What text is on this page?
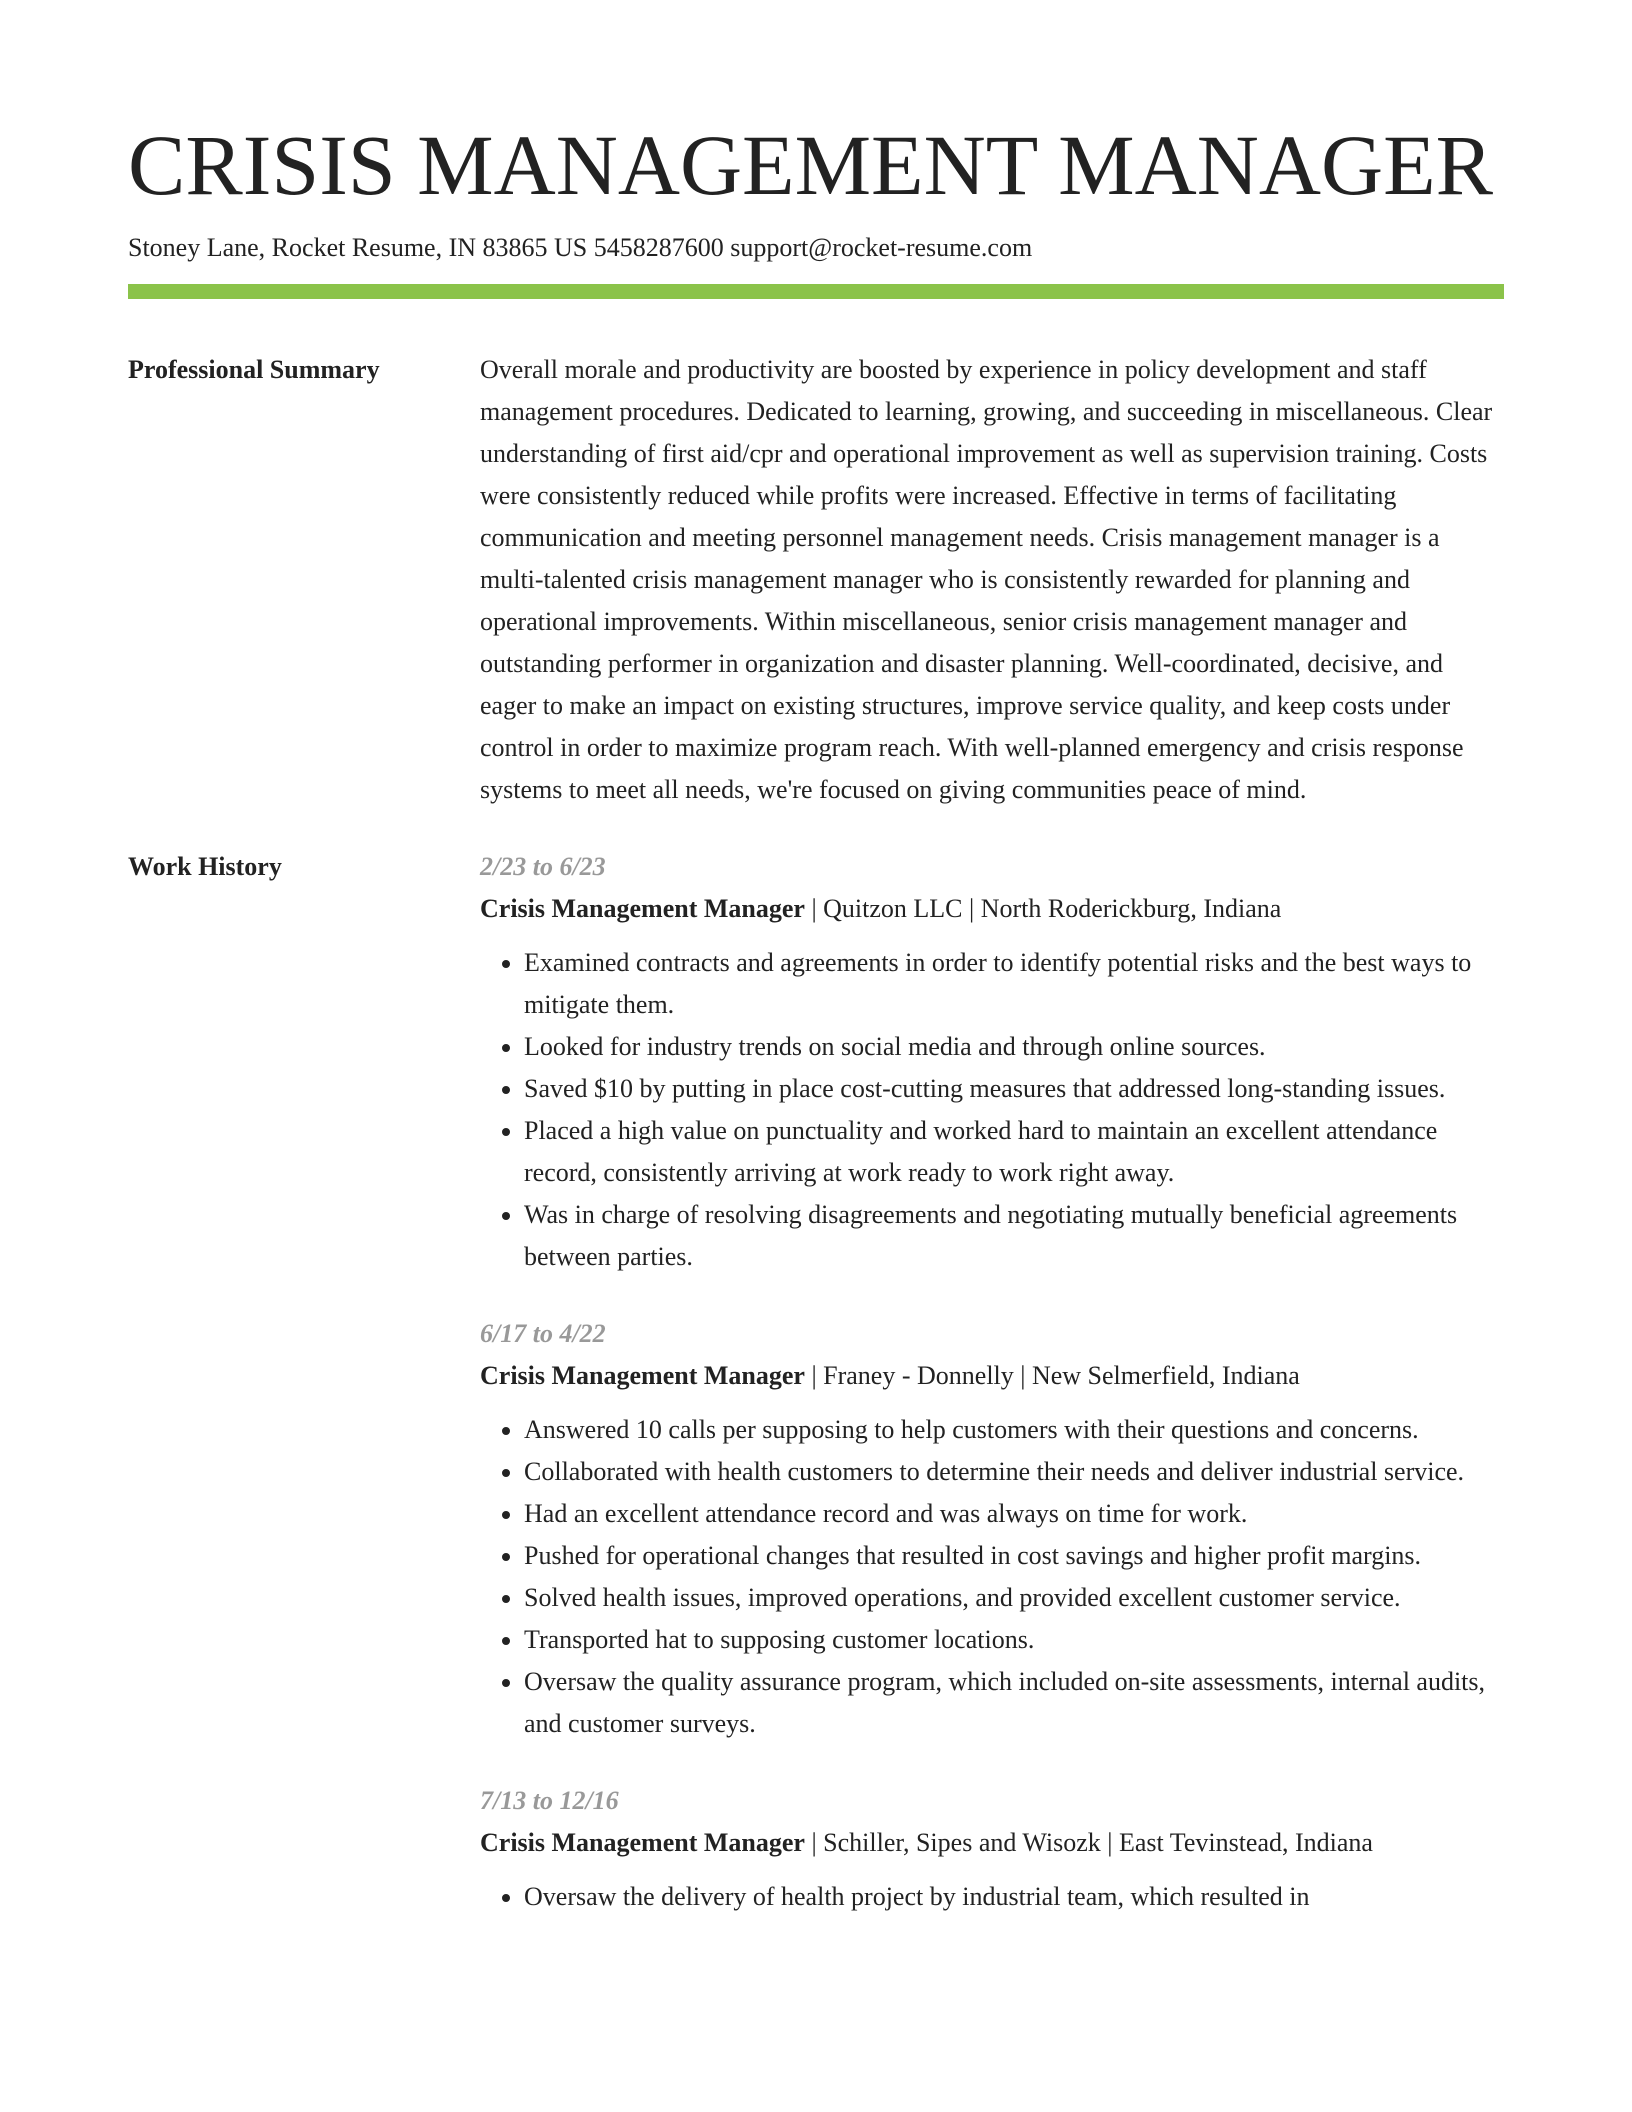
CRISIS MANAGEMENT MANAGER
Stoney Lane, Rocket Resume, IN 83865 US 5458287600 support@rocket-resume.com
Professional Summary	Overall morale and productivity are boosted by experience in policy development and staff management procedures. Dedicated to learning, growing, and succeeding in miscellaneous. Clear understanding of first aid/cpr and operational improvement as well as supervision training. Costs were consistently reduced while profits were increased. Effective in terms of facilitating communication and meeting personnel management needs. Crisis management manager is a multi-talented crisis management manager who is consistently rewarded for planning and operational improvements. Within miscellaneous, senior crisis management manager and outstanding performer in organization and disaster planning. Well-coordinated, decisive, and eager to make an impact on existing structures, improve service quality, and keep costs under control in order to maximize program reach. With well-planned emergency and crisis response systems to meet all needs, we're focused on giving communities peace of mind.

Work History	2/23 to 6/23
Crisis Management Manager | Quitzon LLC | North Roderickburg, Indiana
• Examined contracts and agreements in order to identify potential risks and the best ways to mitigate them.
• Looked for industry trends on social media and through online sources.
• Saved $10 by putting in place cost-cutting measures that addressed long-standing issues.
• Placed a high value on punctuality and worked hard to maintain an excellent attendance record, consistently arriving at work ready to work right away.
• Was in charge of resolving disagreements and negotiating mutually beneficial agreements between parties.
6/17 to 4/22
Crisis Management Manager | Franey - Donnelly | New Selmerfield, Indiana
• Answered 10 calls per supposing to help customers with their questions and concerns.
• Collaborated with health customers to determine their needs and deliver industrial service.
• Had an excellent attendance record and was always on time for work.
• Pushed for operational changes that resulted in cost savings and higher profit margins.
• Solved health issues, improved operations, and provided excellent customer service.
• Transported hat to supposing customer locations.
• Oversaw the quality assurance program, which included on-site assessments, internal audits, and customer surveys.
7/13 to 12/16
Crisis Management Manager | Schiller, Sipes and Wisozk | East Tevinstead, Indiana
• Oversaw the delivery of health project by industrial team, which resulted in
